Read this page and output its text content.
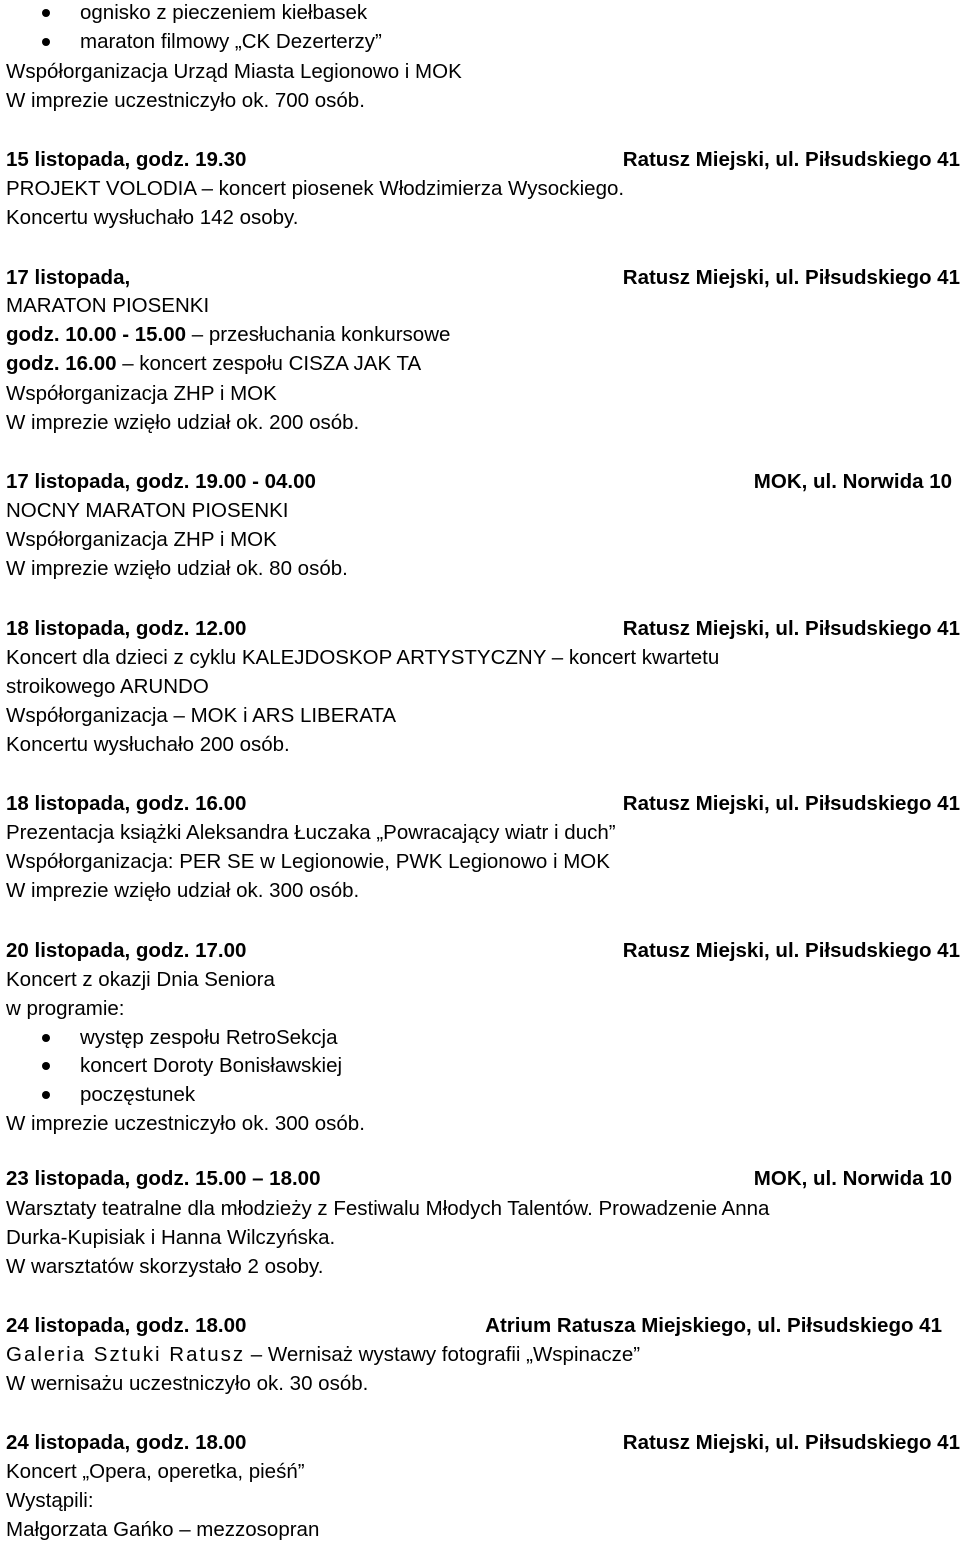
ognisko z pieczeniem kiełbasek
maraton filmowy „CK Dezerterzy”
Współorganizacja Urząd Miasta Legionowo i MOK
W imprezie uczestniczyło ok. 700 osób.
15 listopada, godz. 19.30	Ratusz Miejski, ul. Piłsudskiego 41
PROJEKT VOLODIA – koncert piosenek Włodzimierza Wysockiego.
Koncertu wysłuchało 142 osoby.
17 listopada,	Ratusz Miejski, ul. Piłsudskiego 41
MARATON PIOSENKI
godz. 10.00 - 15.00 – przesłuchania konkursowe
godz. 16.00 – koncert zespołu CISZA JAK TA
Współorganizacja ZHP i MOK
W imprezie wzięło udział ok. 200 osób.
17 listopada, godz. 19.00 - 04.00	MOK, ul. Norwida 10
NOCNY MARATON PIOSENKI
Współorganizacja ZHP i MOK
W imprezie wzięło udział ok. 80 osób.
18 listopada, godz. 12.00	Ratusz Miejski, ul. Piłsudskiego 41
Koncert dla dzieci z cyklu KALEJDOSKOP ARTYSTYCZNY – koncert kwartetu
stroikowego ARUNDO
Współorganizacja – MOK i ARS LIBERATA
Koncertu wysłuchało 200 osób.
18 listopada, godz. 16.00	Ratusz Miejski, ul. Piłsudskiego 41
Prezentacja książki Aleksandra Łuczaka „Powracający wiatr i duch”
Współorganizacja: PER SE w Legionowie, PWK Legionowo i MOK
W imprezie wzięło udział ok. 300 osób.
20 listopada, godz. 17.00	Ratusz Miejski, ul. Piłsudskiego 41
Koncert z okazji Dnia Seniora
w programie:
występ zespołu RetroSekcja
koncert Doroty Bonisławskiej
poczęstunek
W imprezie uczestniczyło ok. 300 osób.
23 listopada, godz. 15.00 – 18.00	MOK, ul. Norwida 10
Warsztaty teatralne dla młodzieży z Festiwalu Młodych Talentów. Prowadzenie Anna
Durka-Kupisiak i Hanna Wilczyńska.
W warsztatów skorzystało 2 osoby.
24 listopada, godz. 18.00	Atrium Ratusza Miejskiego, ul. Piłsudskiego 41
Galeria Sztuki Ratusz – Wernisaż wystawy fotografii „Wspinacze”
W wernisażu uczestniczyło ok. 30 osób.
24 listopada, godz. 18.00	Ratusz Miejski, ul. Piłsudskiego 41
Koncert „Opera, operetka, pieśń”
Wystąpili:
Małgorzata Gańko – mezzosopran
